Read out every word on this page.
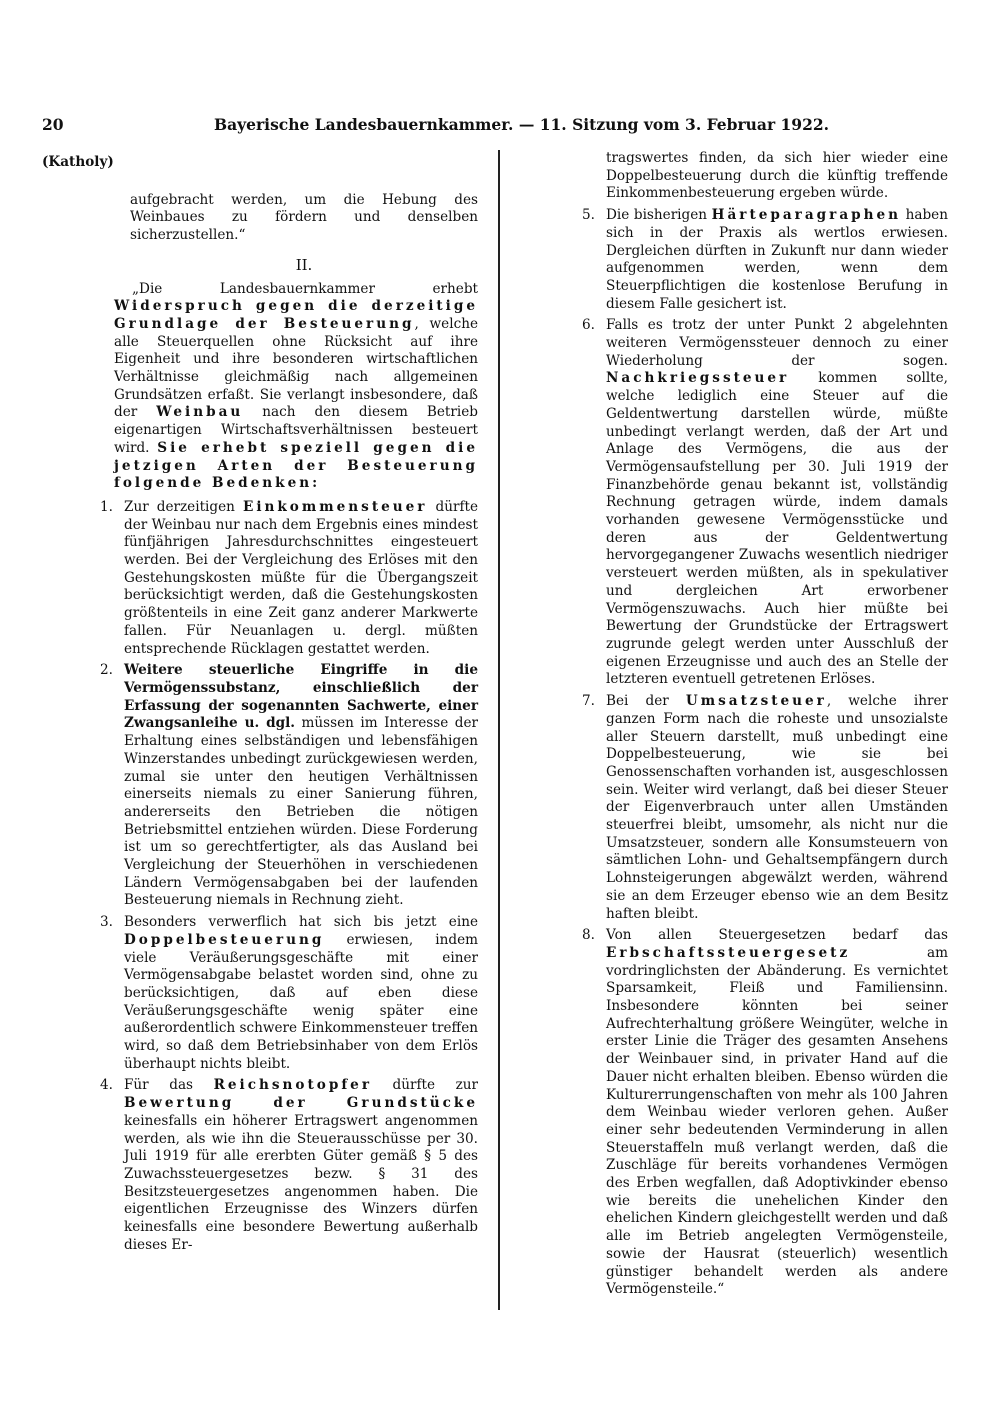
20	Bayerische Landesbauernkammer. — 11. Sitzung vom 3. Februar 1922.
(Katholy)

aufgebracht werden, um die Hebung des Weinbaues zu fördern und denselben sicherzustellen.“

II.

„Die Landesbauernkammer erhebt Widerspruch gegen die derzeitige Grundlage der Besteuerung, welche alle Steuerquellen ohne Rücksicht auf ihre Eigenheit und ihre besonderen wirtschaftlichen Verhältnisse gleichmäßig nach allgemeinen Grundsätzen erfaßt. Sie verlangt insbesondere, daß der Weinbau nach den diesem Betrieb eigenartigen Wirtschaftsverhältnissen besteuert wird. Sie erhebt speziell gegen die jetzigen Arten der Besteuerung folgende Bedenken:

1. Zur derzeitigen Einkommensteuer dürfte der Weinbau nur nach dem Ergebnis eines mindest fünfjährigen Jahresdurchschnittes eingesteuert werden. Bei der Vergleichung des Erlöses mit den Gestehungskosten müßte für die Übergangszeit berücksichtigt werden, daß die Gestehungskosten größtenteils in eine Zeit ganz anderer Markwerte fallen. Für Neuanlagen u. dergl. müßten entsprechende Rücklagen gestattet werden.

2. Weitere steuerliche Eingriffe in die Vermögenssubstanz, einschließlich der Erfassung der sogenannten Sachwerte, einer Zwangsanleihe u. dgl. müssen im Interesse der Erhaltung eines selbständigen und lebensfähigen Winzerstandes unbedingt zurückgewiesen werden, zumal sie unter den heutigen Verhältnissen einerseits niemals zu einer Sanierung führen, andererseits den Betrieben die nötigen Betriebsmittel entziehen würden. Diese Forderung ist um so gerechtfertigter, als das Ausland bei Vergleichung der Steuerhöhen in verschiedenen Ländern Vermögensabgaben bei der laufenden Besteuerung niemals in Rechnung zieht.

3. Besonders verwerflich hat sich bis jetzt eine Doppelbesteuerung erwiesen, indem viele Veräußerungsgeschäfte mit einer Vermögensabgabe belastet worden sind, ohne zu berücksichtigen, daß auf eben diese Veräußerungsgeschäfte wenig später eine außerordentlich schwere Einkommensteuer treffen wird, so daß dem Betriebsinhaber von dem Erlös überhaupt nichts bleibt.

4. Für das Reichsnotopfer dürfte zur Bewertung der Grundstücke keinesfalls ein höherer Ertragswert angenommen werden, als wie ihn die Steuerausschüsse per 30. Juli 1919 für alle ererbten Güter gemäß § 5 des Zuwachssteuergesetzes bezw. § 31 des Besitzsteuergesetzes angenommen haben. Die eigentlichen Erzeugnisse des Winzers dürfen keinesfalls eine besondere Bewertung außerhalb dieses Er-

tragswertes finden, da sich hier wieder eine Doppelbesteuerung durch die künftig treffende Einkommenbesteuerung ergeben würde.

5. Die bisherigen Härteparagraphen haben sich in der Praxis als wertlos erwiesen. Dergleichen dürften in Zukunft nur dann wieder aufgenommen werden, wenn dem Steuerpflichtigen die kostenlose Berufung in diesem Falle gesichert ist.

6. Falls es trotz der unter Punkt 2 abgelehnten weiteren Vermögenssteuer dennoch zu einer Wiederholung der sogen. Nachkriegssteuer kommen sollte, welche lediglich eine Steuer auf die Geldentwertung darstellen würde, müßte unbedingt verlangt werden, daß der Art und Anlage des Vermögens, die aus der Vermögensaufstellung per 30. Juli 1919 der Finanzbehörde genau bekannt ist, vollständig Rechnung getragen würde, indem damals vorhanden gewesene Vermögensstücke und deren aus der Geldentwertung hervorgegangener Zuwachs wesentlich niedriger versteuert werden müßten, als in spekulativer und dergleichen Art erworbener Vermögenszuwachs. Auch hier müßte bei Bewertung der Grundstücke der Ertragswert zugrunde gelegt werden unter Ausschluß der eigenen Erzeugnisse und auch des an Stelle der letzteren eventuell getretenen Erlöses.

7. Bei der Umsatzsteuer, welche ihrer ganzen Form nach die roheste und unsozialste aller Steuern darstellt, muß unbedingt eine Doppelbesteuerung, wie sie bei Genossenschaften vorhanden ist, ausgeschlossen sein. Weiter wird verlangt, daß bei dieser Steuer der Eigenverbrauch unter allen Umständen steuerfrei bleibt, umsomehr, als nicht nur die Umsatzsteuer, sondern alle Konsumsteuern von sämtlichen Lohn- und Gehaltsempfängern durch Lohnsteigerungen abgewälzt werden, während sie an dem Erzeuger ebenso wie an dem Besitz haften bleibt.

8. Von allen Steuergesetzen bedarf das Erbschaftssteuergesetz	am vordringlichsten der Abänderung. Es vernichtet Sparsamkeit, Fleiß und Familiensinn. Insbesondere könnten bei seiner Aufrechterhaltung größere Weingüter, welche in erster Linie die Träger des gesamten Ansehens der Weinbauer sind, in privater Hand auf die Dauer nicht erhalten bleiben. Ebenso würden die Kulturerrungenschaften von mehr als 100 Jahren dem Weinbau wieder verloren gehen. Außer einer sehr bedeutenden Verminderung in allen Steuerstaffeln muß verlangt werden, daß die Zuschläge für bereits vorhandenes Vermögen des Erben wegfallen, daß Adoptivkinder ebenso wie bereits die unehelichen Kinder den ehelichen Kindern gleichgestellt werden und daß alle im Betrieb angelegten Vermögensteile, sowie der Hausrat (steuerlich) wesentlich günstiger behandelt werden als andere Vermögensteile.“
